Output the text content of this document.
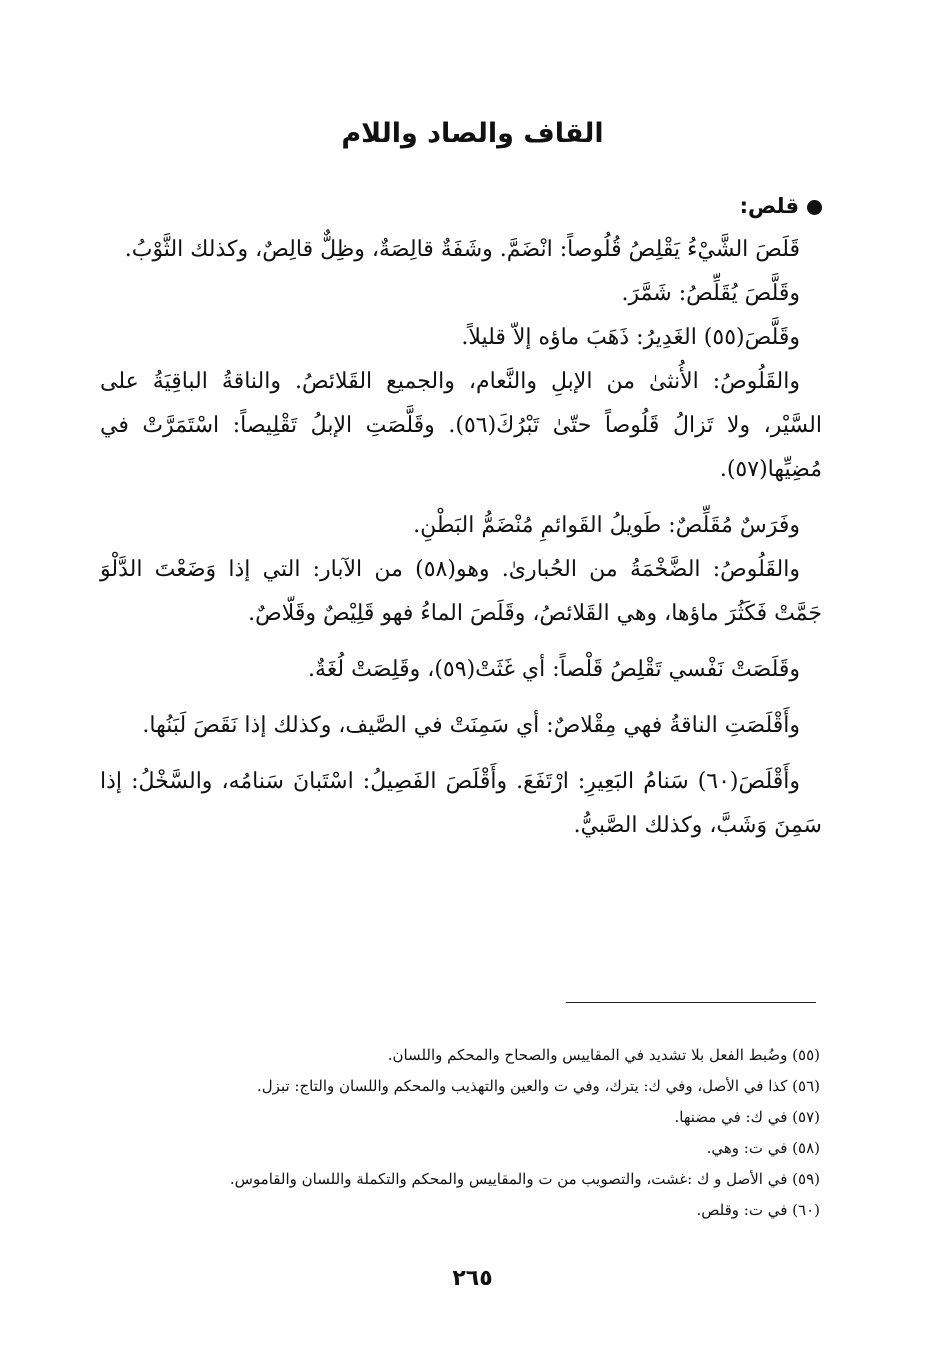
القاف والصاد واللام

قلص:

قَلَصَ الشَّيْءُ يَقْلِصُ قُلُوصاً: انْضَمَّ. وشَفَةٌ قالِصَةٌ، وظِلٌّ قالِصٌ، وكذلك الثَّوْبُ.

وقَلَّصَ يُقَلِّصُ: شَمَّرَ.

وقَلَّصَ(٥٥) الغَدِيرُ: ذَهَبَ ماؤه إلاّ قليلاً.

والقَلُوصُ: الأُنثىٰ من الإبلِ والنَّعام، والجميع القَلائصُ. والناقةُ الباقِيَةُ على السَّيْر، ولا تَزالُ قَلُوصاً حتّىٰ تَبْرُكَ(٥٦). وقَلَّصَتِ الإبلُ تَقْلِيصاً: اسْتَمَرَّتْ في مُضِيِّها(٥٧).

وفَرَسٌ مُقَلِّصٌ: طَويلُ القَوائمِ مُنْضَمُّ البَطْنِ.

والقَلُوصُ: الضَّخْمَةُ من الحُبارىٰ. وهو(٥٨) من الآبار: التي إذا وَضَعْتَ الدَّلْوَ جَمَّتْ فَكَثُرَ ماؤها، وهي القَلائصُ، وقَلَصَ الماءُ فهو قَلِيْصٌ وقَلّاصٌ.

وقَلَصَتْ نَفْسي تَقْلِصُ قَلْصاً: أي غَثَتْ(٥٩)، وقَلِصَتْ لُغَةٌ.

وأَقْلَصَتِ الناقةُ فهي مِقْلاصٌ: أي سَمِنَتْ في الصَّيف، وكذلك إذا نَقَصَ لَبَنُها.

وأَقْلَصَ(٦٠) سَنامُ البَعِيرِ: ارْتَفَعَ. وأَقْلَصَ الفَصِيلُ: اسْتَبانَ سَنامُه، والسَّخْلُ: إذا سَمِنَ وَشَبَّ، وكذلك الصَّبيُّ.

(٥٥) وضُبط الفعل بلا تشديد في المقاييس والصحاح والمحكم واللسان.
(٥٦) كذا في الأصل، وفي ك: يترك، وفي ت والعين والتهذيب والمحكم واللسان والتاج: تبزل.
(٥٧) في ك: في مضنها.
(٥٨) في ت: وهي.
(٥٩) في الأصل و ك :غشت، والتصويب من ت والمقاييس والمحكم والتكملة واللسان والقاموس.
(٦٠) في ت: وقلص.
٢٦٥
